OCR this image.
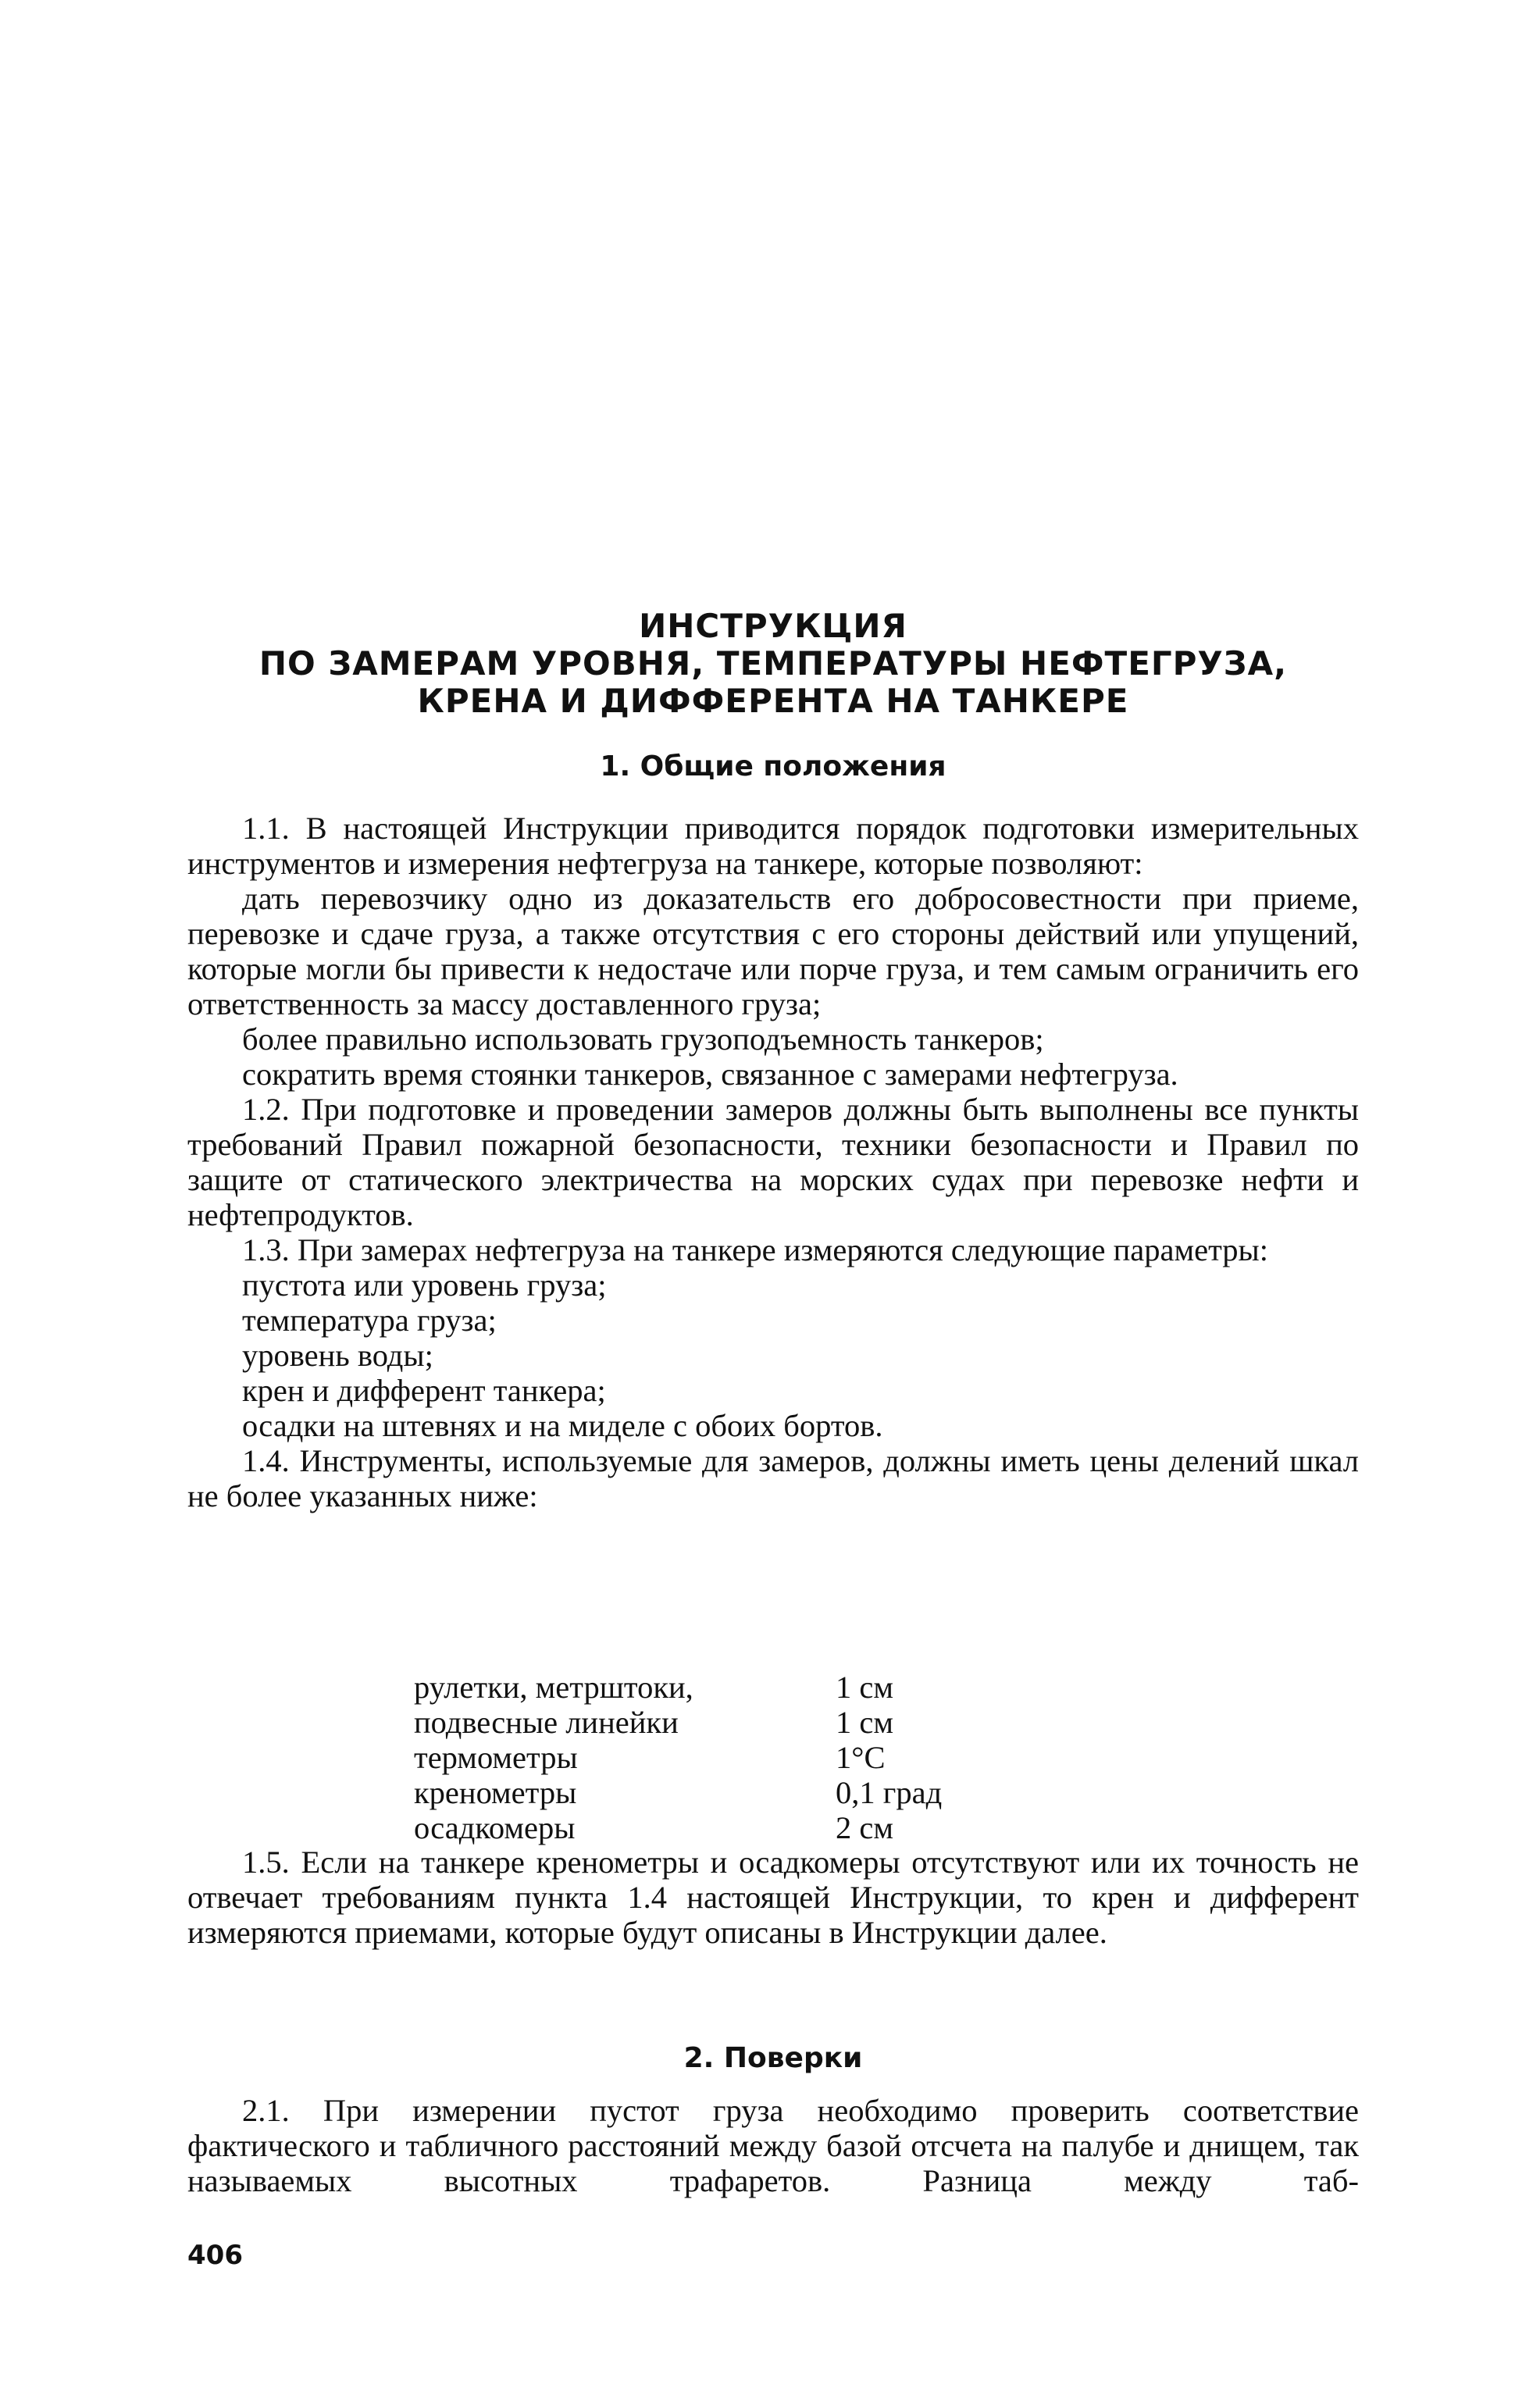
ИНСТРУКЦИЯ
ПО ЗАМЕРАМ УРОВНЯ, ТЕМПЕРАТУРЫ НЕФТЕГРУЗА,
КРЕНА И ДИФФЕРЕНТА НА ТАНКЕРЕ
1. Общие положения

1.1. В настоящей Инструкции приводится порядок подготовки измерительных инструментов и измерения нефтегруза на танкере, которые позволяют:

дать перевозчику одно из доказательств его добросовестности при приеме, перевозке и сдаче груза, а также отсутствия с его стороны действий или упущений, которые могли бы привести к недостаче или порче груза, и тем самым ограничить его ответственность за массу доставленного груза;

более правильно использовать грузоподъемность танкеров;

сократить время стоянки танкеров, связанное с замерами нефтегруза.

1.2. При подготовке и проведении замеров должны быть выполнены все пункты требований Правил пожарной безопасности, техники безопасности и Правил по защите от статического электричества на морских судах при перевозке нефти и нефтепродуктов.

1.3. При замерах нефтегруза на танкере измеряются следующие параметры:

пустота или уровень груза;

температура груза;

уровень воды;

крен и дифферент танкера;

осадки на штевнях и на миделе с обоих бортов.

1.4. Инструменты, используемые для замеров, должны иметь цены делений шкал не более указанных ниже:

рулетки, метрштоки,	1 см
подвесные линейки	1 см
термометры	1°С
кренометры	0,1 град
осадкомеры	2 см

1.5. Если на танкере кренометры и осадкомеры отсутствуют или их точность не отвечает требованиям пункта 1.4 настоящей Инструкции, то крен и дифферент измеряются приемами, которые будут описаны в Инструкции далее.

2. Поверки

2.1. При измерении пустот груза необходимо проверить соответствие фактического и табличного расстояний между базой отсчета на палубе и днищем, так называемых высотных трафаретов. Разница между таб-

406
